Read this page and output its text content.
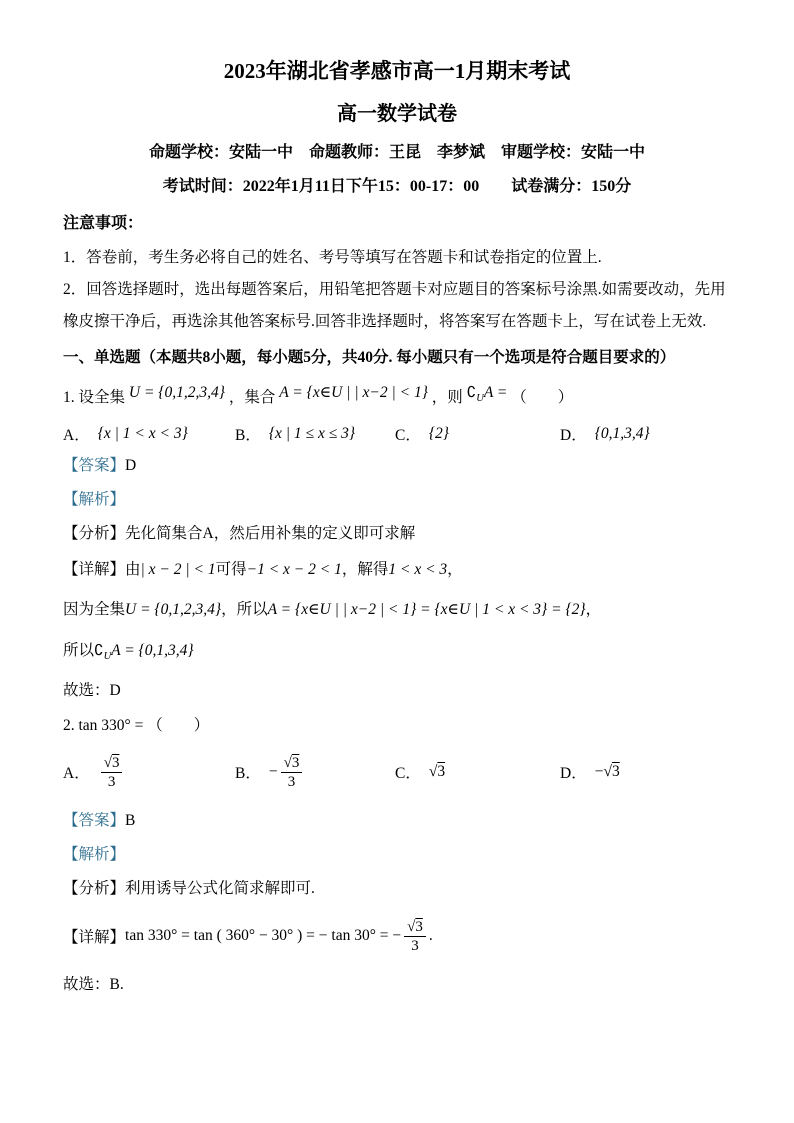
2023年湖北省孝感市高一1月期末考试
高一数学试卷
命题学校：安陆一中　命题教师：王昆　李梦斌　审题学校：安陆一中
考试时间：2022年1月11日下午15：00-17：00　　试卷满分：150分
注意事项：
1．答卷前，考生务必将自己的姓名、考号等填写在答题卡和试卷指定的位置上.
2．回答选择题时，选出每题答案后，用铅笔把答题卡对应题目的答案标号涂黑.如需要改动，先用橡皮擦干净后，再选涂其他答案标号.回答非选择题时，将答案写在答题卡上，写在试卷上无效.
一、单选题（本题共8小题，每小题5分，共40分. 每小题只有一个选项是符合题目要求的）
1. 设全集 U = {0,1,2,3,4} ，集合 A = {x∈U | | x−2 | < 1} ，则 $∁_UA$ = （　　）
A． {x | 1 < x < 3}	B． {x | 1 ≤ x ≤ 3}	C． {2}	D． {0,1,3,4}
【答案】D
【解析】
【分析】先化简集合A，然后用补集的定义即可求解
【详解】由| x − 2 | < 1可得−1 < x − 2 < 1，解得1 < x < 3，
因为全集U = {0,1,2,3,4}，所以A = {x∈U | | x−2 | < 1} = {x∈U | 1 < x < 3} = {2}，
所以$∁_UA = \{0,1,3,4\}$
故选：D
2. tan 330° = （　　）
A． $\frac{√3}{3}$	B． − $\frac{√3}{3}$	C． √3	D． −√3
【答案】B
【解析】
【分析】利用诱导公式化简求解即可.
【详解】 tan 330° = tan ( 360° − 30° ) = − tan 30° = − $\frac{√3}{3}$ .
故选：B.
